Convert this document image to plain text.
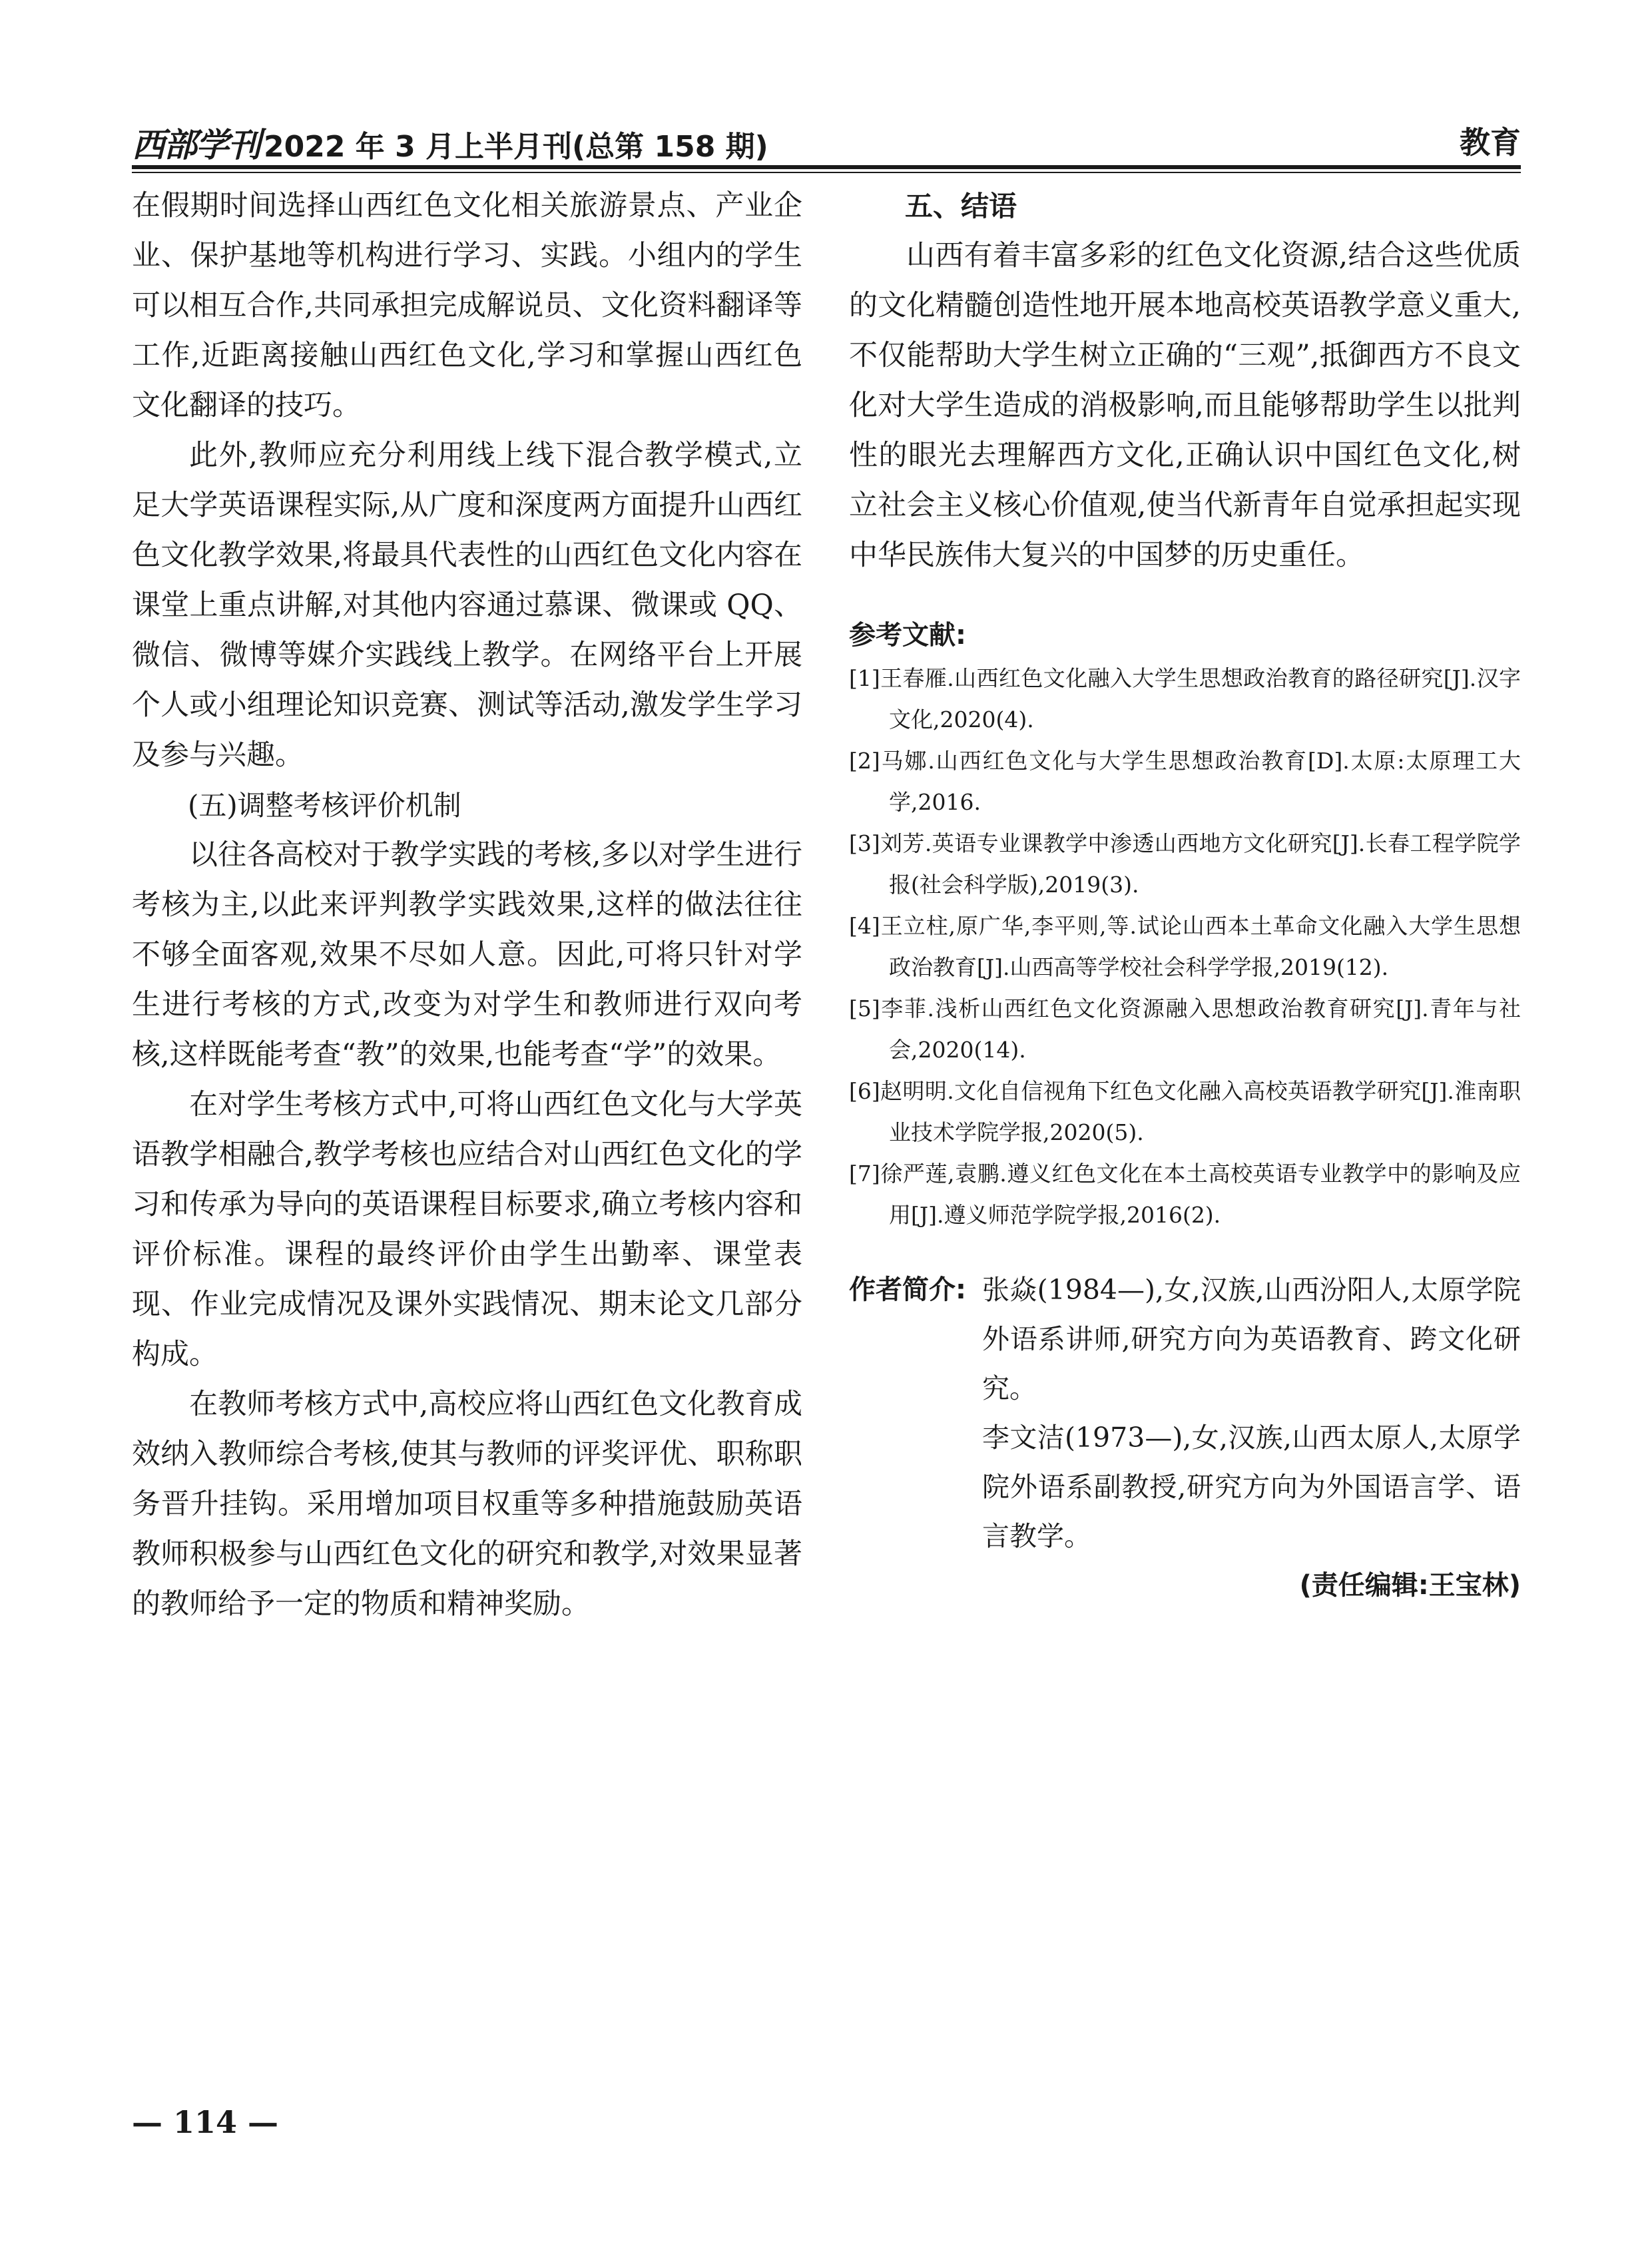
西部学刊 2022 年 3 月上半月刊(总第 158 期)	教育

在假期时间选择山西红色文化相关旅游景点、产业企业、保护基地等机构进行学习、实践。小组内的学生可以相互合作,共同承担完成解说员、文化资料翻译等工作,近距离接触山西红色文化,学习和掌握山西红色文化翻译的技巧。

此外,教师应充分利用线上线下混合教学模式,立足大学英语课程实际,从广度和深度两方面提升山西红色文化教学效果,将最具代表性的山西红色文化内容在课堂上重点讲解,对其他内容通过慕课、微课或 QQ、微信、微博等媒介实践线上教学。在网络平台上开展个人或小组理论知识竞赛、测试等活动,激发学生学习及参与兴趣。

(五)调整考核评价机制

以往各高校对于教学实践的考核,多以对学生进行考核为主,以此来评判教学实践效果,这样的做法往往不够全面客观,效果不尽如人意。因此,可将只针对学生进行考核的方式,改变为对学生和教师进行双向考核,这样既能考查“教”的效果,也能考查“学”的效果。

在对学生考核方式中,可将山西红色文化与大学英语教学相融合,教学考核也应结合对山西红色文化的学习和传承为导向的英语课程目标要求,确立考核内容和评价标准。课程的最终评价由学生出勤率、课堂表现、作业完成情况及课外实践情况、期末论文几部分构成。

在教师考核方式中,高校应将山西红色文化教育成效纳入教师综合考核,使其与教师的评奖评优、职称职务晋升挂钩。采用增加项目权重等多种措施鼓励英语教师积极参与山西红色文化的研究和教学,对效果显著的教师给予一定的物质和精神奖励。

五、结语

山西有着丰富多彩的红色文化资源,结合这些优质的文化精髓创造性地开展本地高校英语教学意义重大,不仅能帮助大学生树立正确的“三观”,抵御西方不良文化对大学生造成的消极影响,而且能够帮助学生以批判性的眼光去理解西方文化,正确认识中国红色文化,树立社会主义核心价值观,使当代新青年自觉承担起实现中华民族伟大复兴的中国梦的历史重任。

参考文献:
[1]王春雁.山西红色文化融入大学生思想政治教育的路径研究[J].汉字文化,2020(4).
[2]马娜.山西红色文化与大学生思想政治教育[D].太原:太原理工大学,2016.
[3]刘芳.英语专业课教学中渗透山西地方文化研究[J].长春工程学院学报(社会科学版),2019(3).
[4]王立柱,原广华,李平则,等.试论山西本土革命文化融入大学生思想政治教育[J].山西高等学校社会科学学报,2019(12).
[5]李菲.浅析山西红色文化资源融入思想政治教育研究[J].青年与社会,2020(14).
[6]赵明明.文化自信视角下红色文化融入高校英语教学研究[J].淮南职业技术学院学报,2020(5).
[7]徐严莲,袁鹏.遵义红色文化在本土高校英语专业教学中的影响及应用[J].遵义师范学院学报,2016(2).
作者简介: 张焱(1984—),女,汉族,山西汾阳人,太原学院外语系讲师,研究方向为英语教育、跨文化研究。

李文洁(1973—),女,汉族,山西太原人,太原学院外语系副教授,研究方向为外国语言学、语言教学。

(责任编辑:王宝林)
— 114 —
